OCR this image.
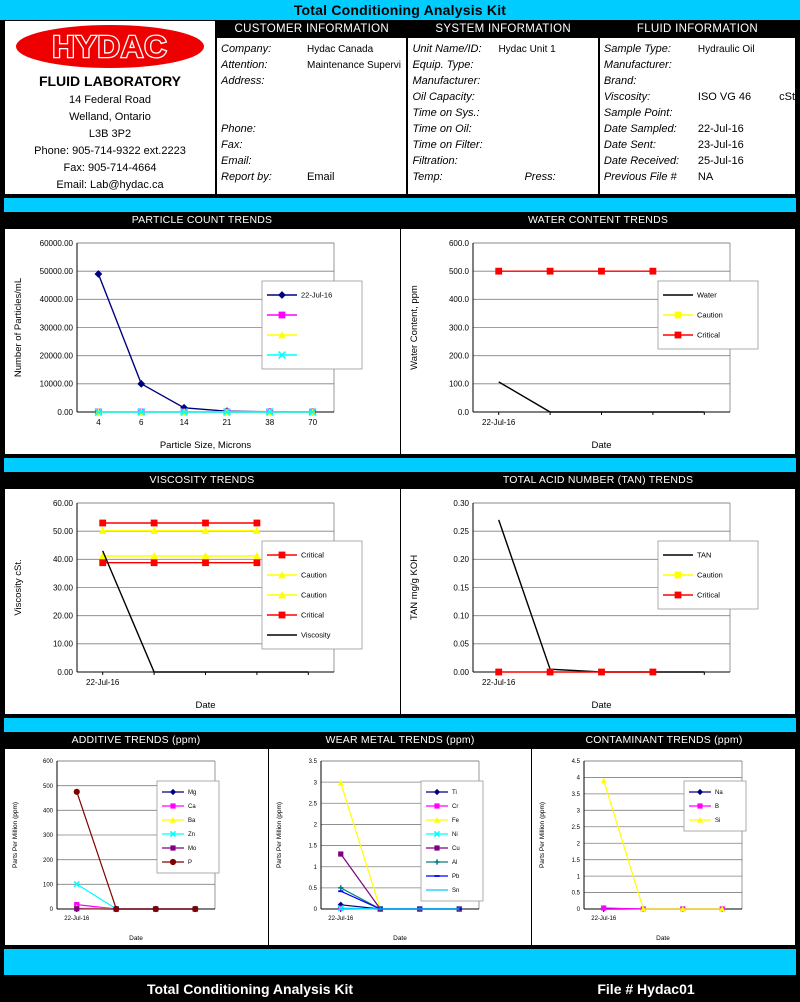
Total Conditioning Analysis Kit
HYDAC
FLUID LABORATORY
14 Federal Road
Welland, Ontario
L3B 3P2
Phone: 905-714-9322 ext.2223
Fax: 905-714-4664
Email: Lab@hydac.ca
CUSTOMER INFORMATION
Company:	Hydac Canada
Attention:	Maintenance Supervi
Address:
Phone:
Fax:
Email:
Report by:	Email
SYSTEM INFORMATION
Unit Name/ID:	Hydac Unit 1
Equip. Type:
Manufacturer:
Oil Capacity:
Time on Sys.:
Time on Oil:
Time on Filter:
Filtration:
Temp:	Press:
FLUID INFORMATION
Sample Type:	Hydraulic Oil
Manufacturer:
Brand:
Viscosity:	ISO VG 46	cSt
Sample Point:
Date Sampled:	22-Jul-16
Date Sent:	23-Jul-16
Date Received:	25-Jul-16
Previous File #	NA
PARTICLE COUNT TRENDS	WATER CONTENT TRENDS
0.00
10000.00
20000.00
30000.00
40000.00
50000.00
60000.00
4	6	14	21	38	70
Number of Particles/mL
Particle Size, Microns
22-Jul-16
0.0
100.0
200.0
300.0
400.0
500.0
600.0
22-Jul-16
Water Content, ppm
Date
Water
Caution
Critical
VISCOSITY TRENDS	TOTAL ACID NUMBER (TAN) TRENDS
0.00
10.00
20.00
30.00
40.00
50.00
60.00
22-Jul-16
Viscosity cSt.
Date
Critical
Caution
Caution
Critical
Viscosity
0.00
0.05
0.10
0.15
0.20
0.25
0.30
22-Jul-16
TAN mg/g KOH
Date
TAN
Caution
Critical
ADDITIVE TRENDS (ppm)	WEAR METAL TRENDS (ppm)	CONTAMINANT TRENDS (ppm)
0
100
200
300
400
500
600
22-Jul-16
Parts Per Million (ppm)
Date
Mg
Ca
Ba
Zn
Mo
P
0
0.5
1
1.5
2
2.5
3
3.5
22-Jul-16
Parts Per Million (ppm)
Date
Ti
Cr
Fe
Ni
Cu
Al
Pb
Sn
0
0.5
1
1.5
2
2.5
3
3.5
4
4.5
22-Jul-16
Parts Per Million (ppm)
Date
Na
B
Si
Total Conditioning Analysis Kit	File # Hydac01
